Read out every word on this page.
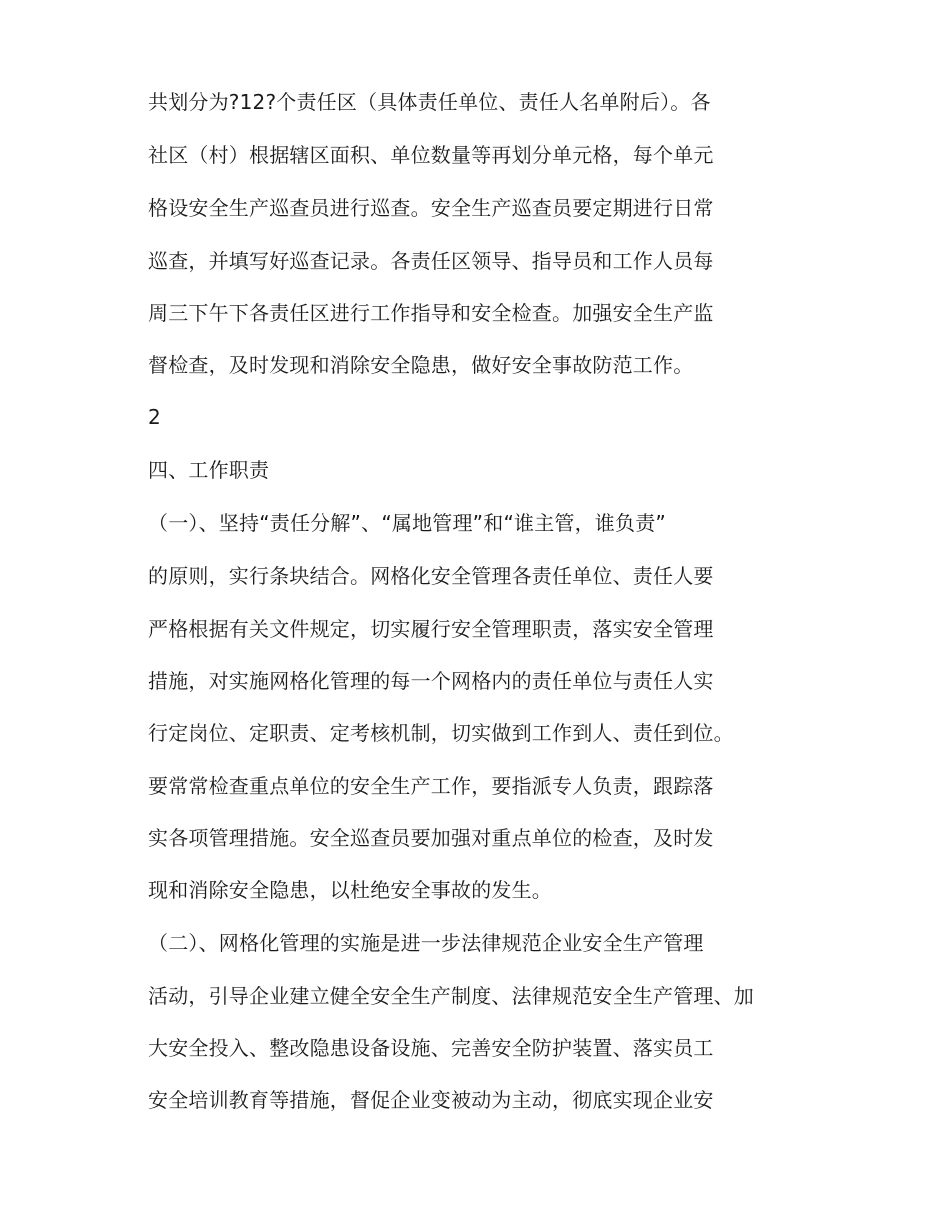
共划分为?12?个责任区（具体责任单位、责任人名单附后）。各
社区（村）根据辖区面积、单位数量等再划分单元格，每个单元
格设安全生产巡查员进行巡查。安全生产巡查员要定期进行日常
巡查，并填写好巡查记录。各责任区领导、指导员和工作人员每
周三下午下各责任区进行工作指导和安全检查。加强安全生产监
督检查，及时发现和消除安全隐患，做好安全事故防范工作。
2
四、工作职责
（一）、坚持“责任分解”、“属地管理”和“谁主管，谁负责”
的原则，实行条块结合。网格化安全管理各责任单位、责任人要
严格根据有关文件规定，切实履行安全管理职责，落实安全管理
措施，对实施网格化管理的每一个网格内的责任单位与责任人实
行定岗位、定职责、定考核机制，切实做到工作到人、责任到位。
要常常检查重点单位的安全生产工作，要指派专人负责，跟踪落
实各项管理措施。安全巡查员要加强对重点单位的检查，及时发
现和消除安全隐患，以杜绝安全事故的发生。
（二）、网格化管理的实施是进一步法律规范企业安全生产管理
活动，引导企业建立健全安全生产制度、法律规范安全生产管理、加
大安全投入、整改隐患设备设施、完善安全防护装置、落实员工
安全培训教育等措施，督促企业变被动为主动，彻底实现企业安
